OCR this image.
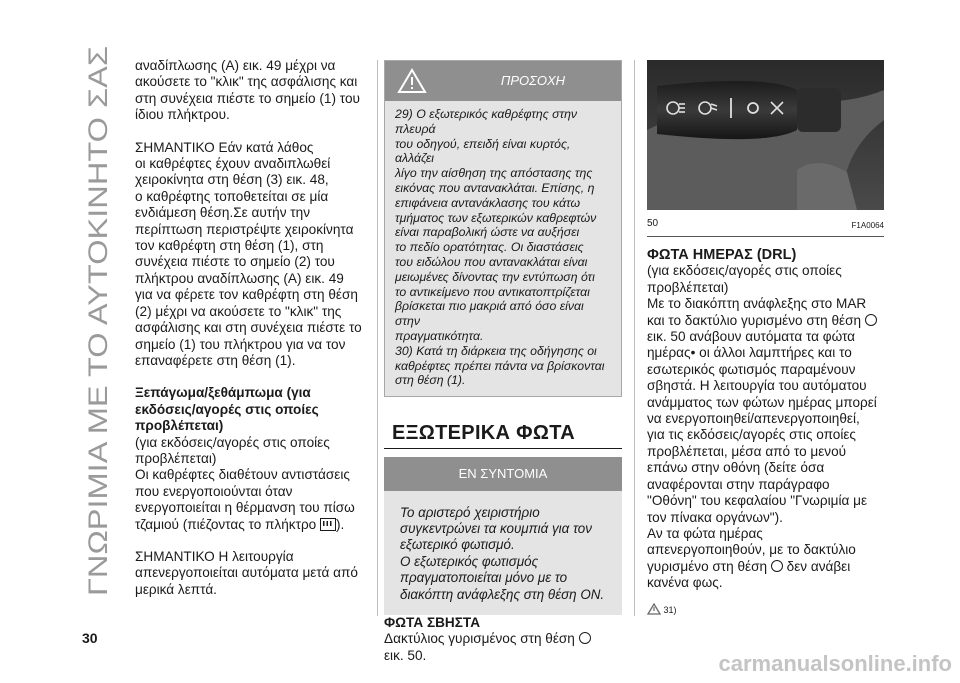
ΓΝΩΡΙΜΙΑ ΜΕ ΤΟ ΑΥΤΟΚΙΝΗΤΟ ΣΑΣ
30

αναδίπλωσης (A) εικ. 49 μέχρι να

ακούσετε το "κλικ" της ασφάλισης και

στη συνέχεια πιέστε το σημείο (1) του

ίδιου πλήκτρου.

ΣΗΜΑΝΤΙΚΟ Εάν κατά λάθος

οι καθρέφτες έχουν αναδιπλωθεί

χειροκίνητα στη θέση (3) εικ. 48,

ο καθρέφτης τοποθετείται σε μία

ενδιάμεση θέση.Σε αυτήν την

περίπτωση περιστρέψτε χειροκίνητα

τον καθρέφτη στη θέση (1), στη

συνέχεια πιέστε το σημείο (2) του

πλήκτρου αναδίπλωσης (A) εικ. 49

για να φέρετε τον καθρέφτη στη θέση

(2) μέχρι να ακούσετε το "κλικ" της

ασφάλισης και στη συνέχεια πιέστε το

σημείο (1) του πλήκτρου για να τον

επαναφέρετε στη θέση (1).

Ξεπάγωμα/ξεθάμπωμα (για

εκδόσεις/αγορές στις οποίες

προβλέπεται)

(για εκδόσεις/αγορές στις οποίες

προβλέπεται)

Οι καθρέφτες διαθέτουν αντιστάσεις

που ενεργοποιούνται όταν

ενεργοποιείται η θέρμανση του πίσω

τζαμιού (πιέζοντας το πλήκτρο ).

ΣΗΜΑΝΤΙΚΟ Η λειτουργία

απενεργοποιείται αυτόματα μετά από

μερικά λεπτά.

ΠΡΟΣΟΧΗ

29) Ο εξωτερικός καθρέφτης στην πλευρά

του οδηγού, επειδή είναι κυρτός, αλλάζει

λίγο την αίσθηση της απόστασης της

εικόνας που αντανακλάται. Επίσης, η

επιφάνεια αντανάκλασης του κάτω

τμήματος των εξωτερικών καθρεφτών

είναι παραβολική ώστε να αυξήσει

το πεδίο ορατότητας. Οι διαστάσεις

του ειδώλου που αντανακλάται είναι

μειωμένες δίνοντας την εντύπωση ότι

το αντικείμενο που αντικατοπτρίζεται

βρίσκεται πιο μακριά από όσο είναι στην

πραγματικότητα.

30) Κατά τη διάρκεια της οδήγησης οι

καθρέφτες πρέπει πάντα να βρίσκονται

στη θέση (1).

ΕΞΩΤΕΡΙΚΑ ΦΩΤΑ
ΕΝ ΣΥΝΤΟΜΙΑ

Το αριστερό χειριστήριο

συγκεντρώνει τα κουμπιά για τον

εξωτερικό φωτισμό.

Ο εξωτερικός φωτισμός

πραγματοποιείται μόνο με το

διακόπτη ανάφλεξης στη θέση ON.

ΦΩΤΑ ΣΒΗΣΤΑ

Δακτύλιος γυρισμένος στη θέση

εικ. 50.

50	F1A0064

ΦΩΤΑ ΗΜΕΡΑΣ (DRL)

(για εκδόσεις/αγορές στις οποίες

προβλέπεται)

Με το διακόπτη ανάφλεξης στο MAR

και το δακτύλιο γυρισμένο στη θέση

εικ. 50 ανάβουν αυτόματα τα φώτα

ημέρας• οι άλλοι λαμπτήρες και το

εσωτερικός φωτισμός παραμένουν

σβηστά. Η λειτουργία του αυτόματου

ανάμματος των φώτων ημέρας μπορεί

να ενεργοποιηθεί/απενεργοποιηθεί,

για τις εκδόσεις/αγορές στις οποίες

προβλέπεται, μέσα από το μενού

επάνω στην οθόνη (δείτε όσα

αναφέρονται στην παράγραφο

"Οθόνη" του κεφαλαίου "Γνωριμία με

τον πίνακα οργάνων").

Αν τα φώτα ημέρας

απενεργοποιηθούν, με το δακτύλιο

γυρισμένο στη θέση δεν ανάβει

κανένα φως.

31)
carmanualsonline.info
